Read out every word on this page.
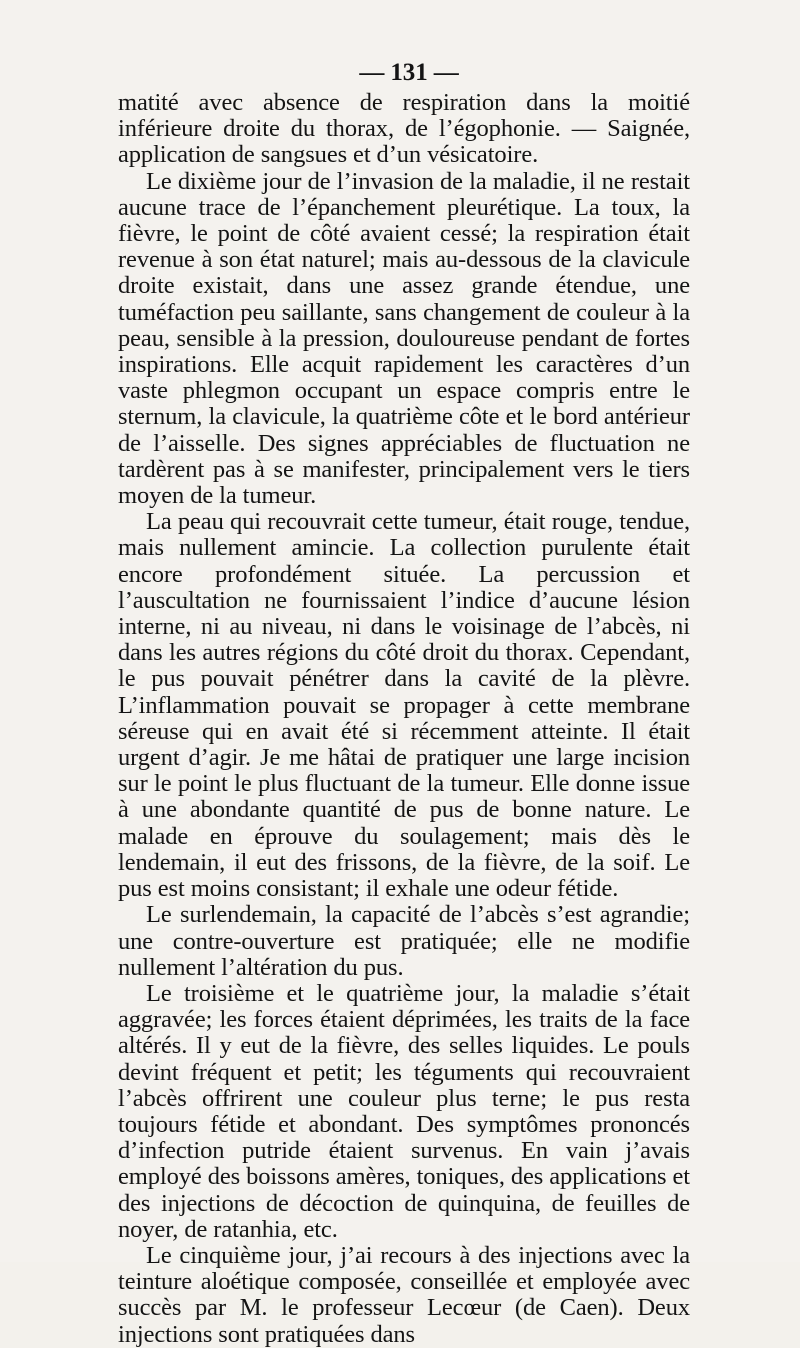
— 131 —

matité avec absence de respiration dans la moitié inférieure droite du thorax, de l’égophonie. — Saignée, application de sangsues et d’un vésicatoire.

Le dixième jour de l’invasion de la maladie, il ne restait aucune trace de l’épanchement pleurétique. La toux, la fièvre, le point de côté avaient cessé; la respiration était revenue à son état naturel; mais au-dessous de la clavicule droite existait, dans une assez grande étendue, une tuméfaction peu saillante, sans changement de couleur à la peau, sensible à la pression, douloureuse pendant de fortes inspirations. Elle acquit rapidement les caractères d’un vaste phlegmon occupant un espace compris entre le sternum, la clavicule, la quatrième côte et le bord antérieur de l’aisselle. Des signes appréciables de fluctuation ne tardèrent pas à se manifester, principalement vers le tiers moyen de la tumeur.

La peau qui recouvrait cette tumeur, était rouge, tendue, mais nullement amincie. La collection purulente était encore profondément située. La percussion et l’auscultation ne fournissaient l’indice d’aucune lésion interne, ni au niveau, ni dans le voisinage de l’abcès, ni dans les autres régions du côté droit du thorax. Cependant, le pus pouvait pénétrer dans la cavité de la plèvre. L’inflammation pouvait se propager à cette membrane séreuse qui en avait été si récemment atteinte. Il était urgent d’agir. Je me hâtai de pratiquer une large incision sur le point le plus fluctuant de la tumeur. Elle donne issue à une abondante quantité de pus de bonne nature. Le malade en éprouve du soulagement; mais dès le lendemain, il eut des frissons, de la fièvre, de la soif. Le pus est moins consistant; il exhale une odeur fétide.

Le surlendemain, la capacité de l’abcès s’est agrandie; une contre-ouverture est pratiquée; elle ne modifie nullement l’altération du pus.

Le troisième et le quatrième jour, la maladie s’était aggravée; les forces étaient déprimées, les traits de la face altérés. Il y eut de la fièvre, des selles liquides. Le pouls devint fréquent et petit; les téguments qui recouvraient l’abcès offrirent une couleur plus terne; le pus resta toujours fétide et abondant. Des symptômes prononcés d’infection putride étaient survenus. En vain j’avais employé des boissons amères, toniques, des applications et des injections de décoction de quinquina, de feuilles de noyer, de ratanhia, etc.

Le cinquième jour, j’ai recours à des injections avec la teinture aloétique composée, conseillée et employée avec succès par M. le professeur Lecœur (de Caen). Deux injections sont pratiquées dans
